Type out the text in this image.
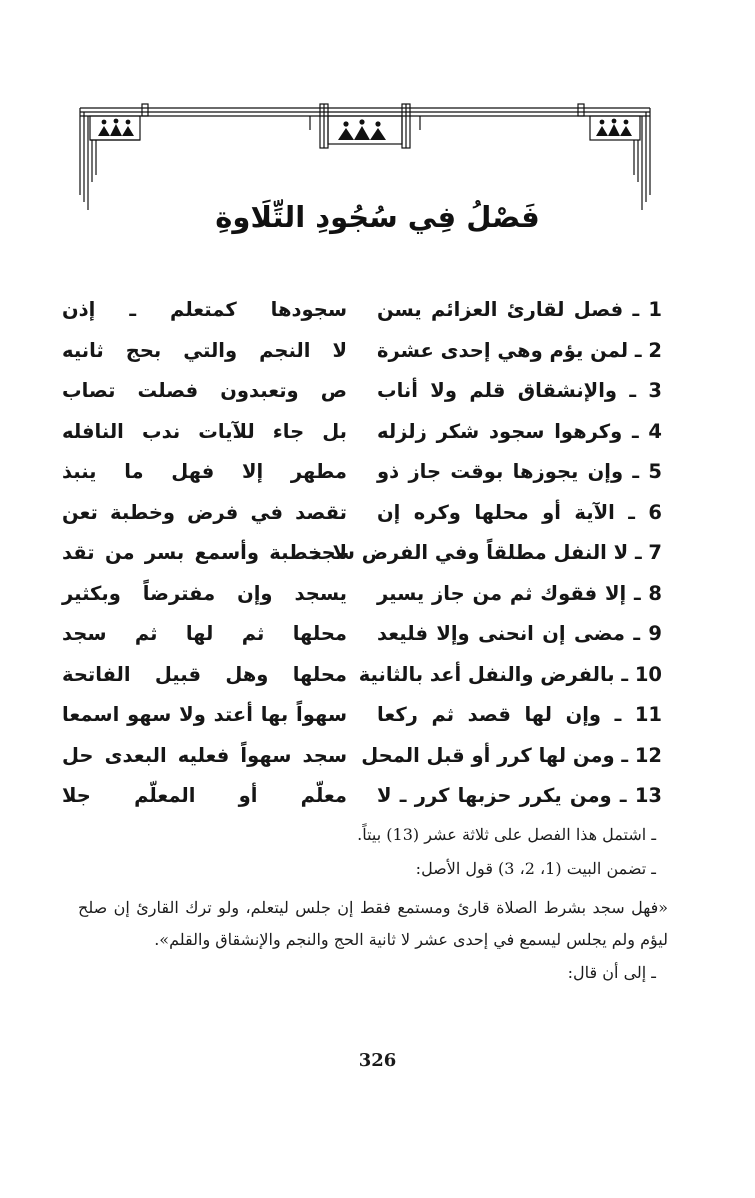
فَصْلُ فِي سُجُودِ التِّلَاوةِ
1 ـ فصل لقارئ العزائم يسن
سجودها كمتعلم ـ إذن
2 ـ لمن يؤم وهي إحدى عشرة
لا النجم والتي بحج ثانيه
3 ـ والإنشقاق قلم ولا أناب
ص وتعبدون فصلت تصاب
4 ـ وكرهوا سجود شكر زلزله
بل جاء للآيات ندب النافله
5 ـ وإن يجوزها بوقت جاز ذو
مطهر إلا فهل ما ينبذ
6 ـ الآية أو محلها وكره إن
تقصد في فرض وخطبة تعن
7 ـ لا النفل مطلقاً وفي الفرض سجد
لا خطبة وأسمع بسر من تقد
8 ـ إلا فقوك ثم من جاز يسير
يسجد وإن مفترضاً وبكثير
9 ـ مضى إن انحنى وإلا فليعد
محلها ثم لها ثم سجد
10 ـ بالفرض والنفل أعد بالثانية
محلها وهل قبيل الفاتحة
11 ـ وإن لها قصد ثم ركعا
سهواً بها أعتد ولا سهو اسمعا
12 ـ ومن لها كرر أو قبل المحل
سجد سهواً فعليه البعدى حل
13 ـ ومن يكرر حزبها كرر ـ لا
معلّم أو المعلّم جلا
ـ اشتمل هذا الفصل على ثلاثة عشر (13) بيتاً.
ـ تضمن البيت (1، 2، 3) قول الأصل:
«فهل سجد بشرط الصلاة قارئ ومستمع فقط إن جلس ليتعلم، ولو ترك القارئ إن صلح ليؤم ولم يجلس ليسمع في إحدى عشر لا ثانية الحج والنجم والإنشقاق والقلم».
ـ إلى أن قال:
326
